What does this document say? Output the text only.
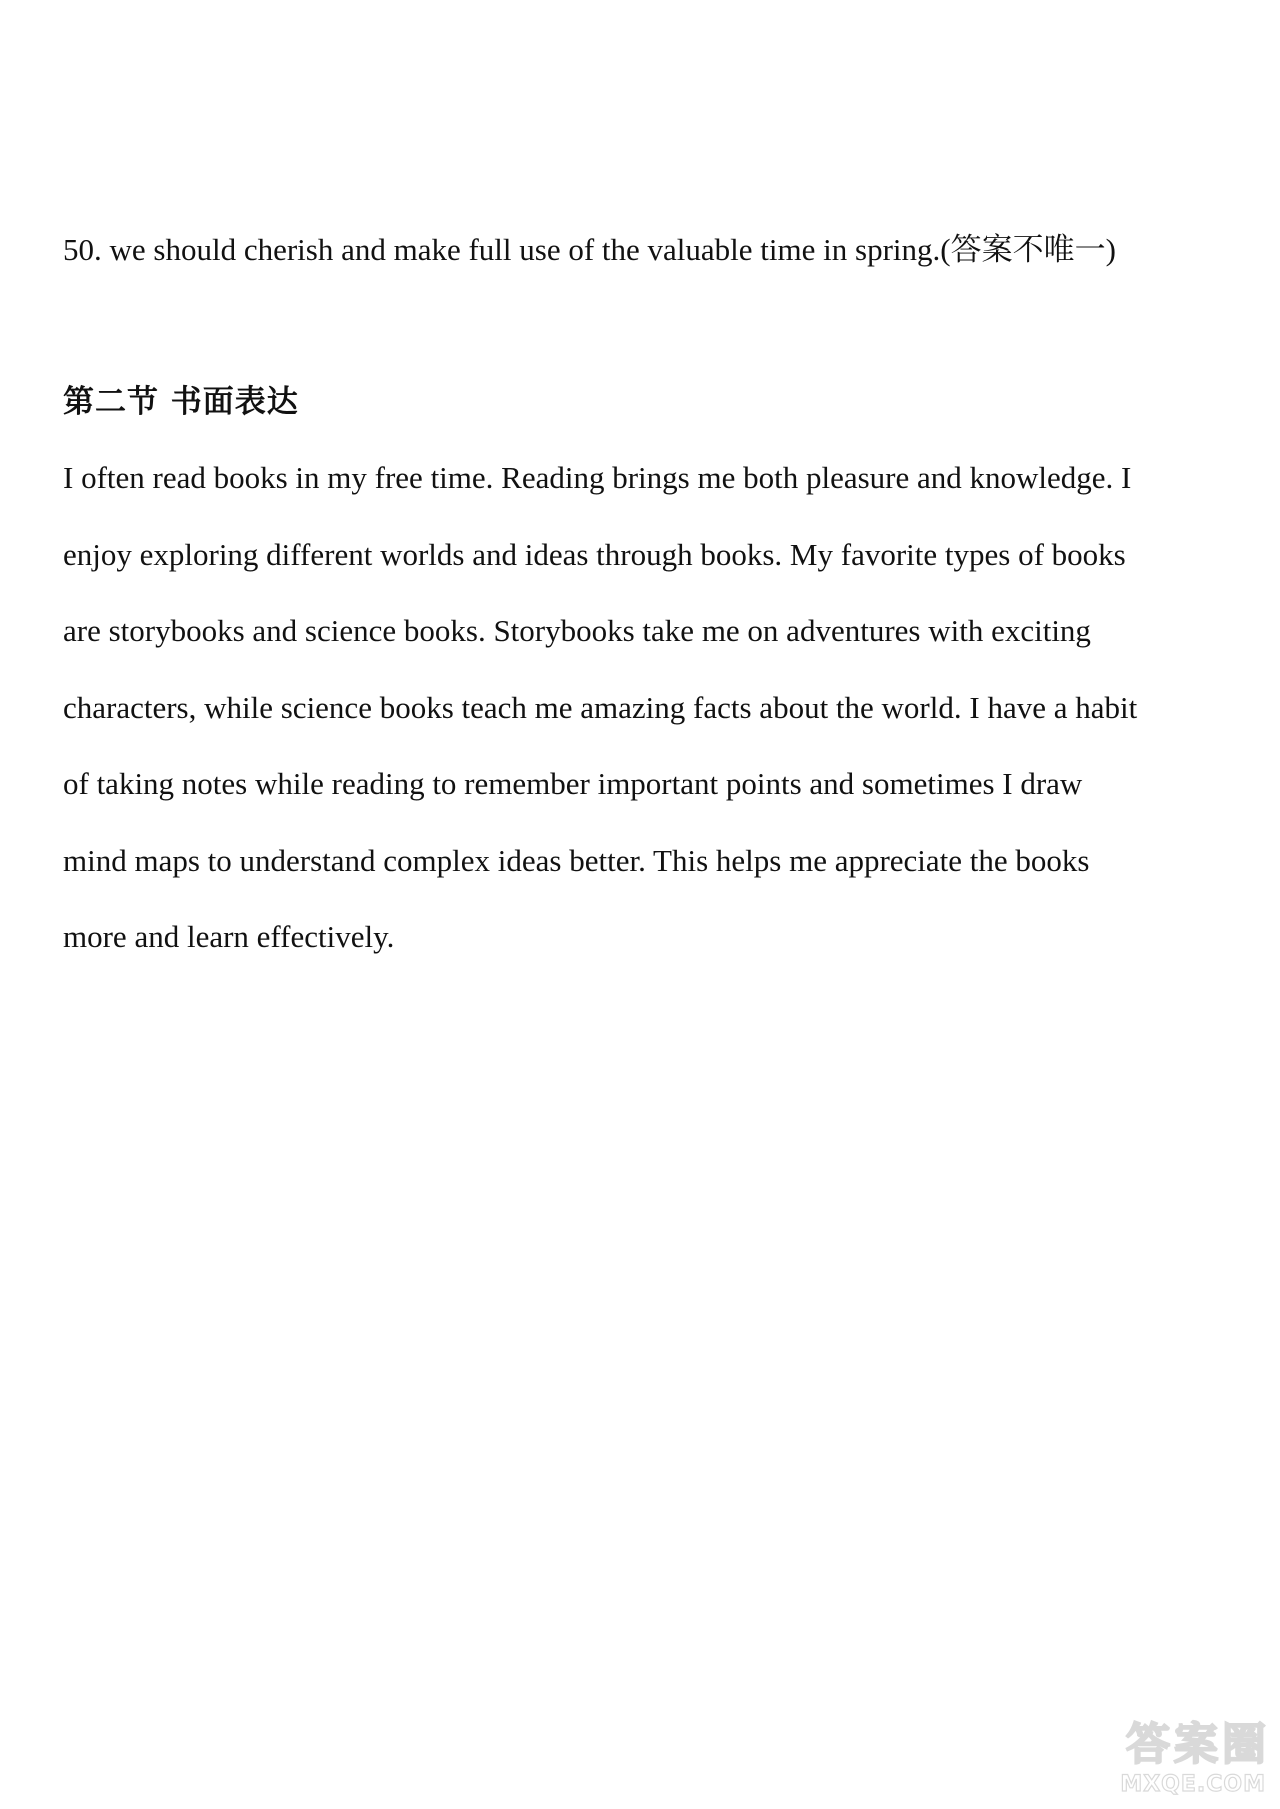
50. we should cherish and make full use of the valuable time in spring.(答案不唯一)
第二节 书面表达
I often read books in my free time. Reading brings me both pleasure and knowledge. I
enjoy exploring different worlds and ideas through books. My favorite types of books
are storybooks and science books. Storybooks take me on adventures with exciting
characters, while science books teach me amazing facts about the world. I have a habit
of taking notes while reading to remember important points and sometimes I draw
mind maps to understand complex ideas better. This helps me appreciate the books
more and learn effectively.
答 案 圈
MXQE.COM
